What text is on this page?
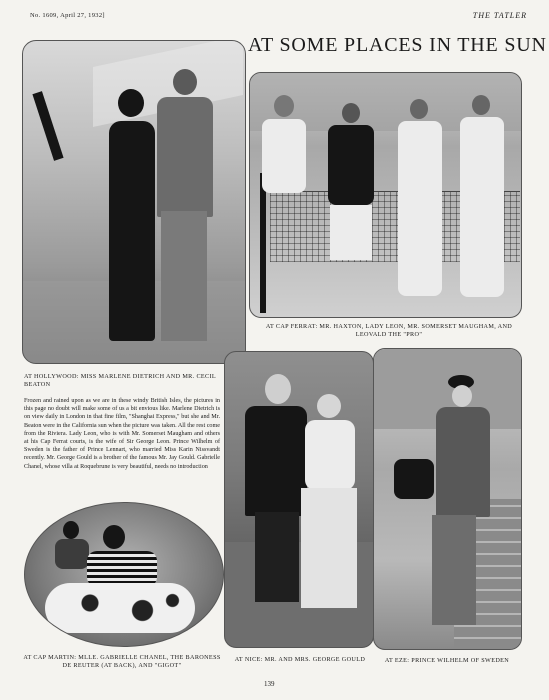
No. 1609, April 27, 1932]	THE TATLER
AT SOME PLACES IN THE SUN
AT HOLLYWOOD: MISS MARLENE DIETRICH AND MR. CECIL BEATON
AT CAP FERRAT: MR. HAXTON, LADY LEON, MR. SOMERSET MAUGHAM, AND LEOVALD THE "PRO"
Frozen and rained upon as we are in these windy British Isles, the pictures in this page no doubt will make some of us a bit envious like. Marlene Dietrich is on view daily in London in that fine film, "Shanghai Express," but she and Mr. Beaton were in the California sun when the picture was taken. All the rest come from the Riviera. Lady Leon, who is with Mr. Somerset Maugham and others at his Cap Ferrat courts, is the wife of Sir George Leon. Prince Wilhelm of Sweden is the father of Prince Lennart, who married Miss Karin Nissvandt recently. Mr. George Gould is a brother of the famous Mr. Jay Gould. Gabrielle Chanel, whose villa at Roquebrune is very beautiful, needs no introduction
AT CAP MARTIN: MLLE. GABRIELLE CHANEL, THE BARONESS DE REUTER (AT BACK), AND "GIGOT"
AT NICE: MR. AND MRS. GEORGE GOULD	AT EZE: PRINCE WILHELM OF SWEDEN
139
